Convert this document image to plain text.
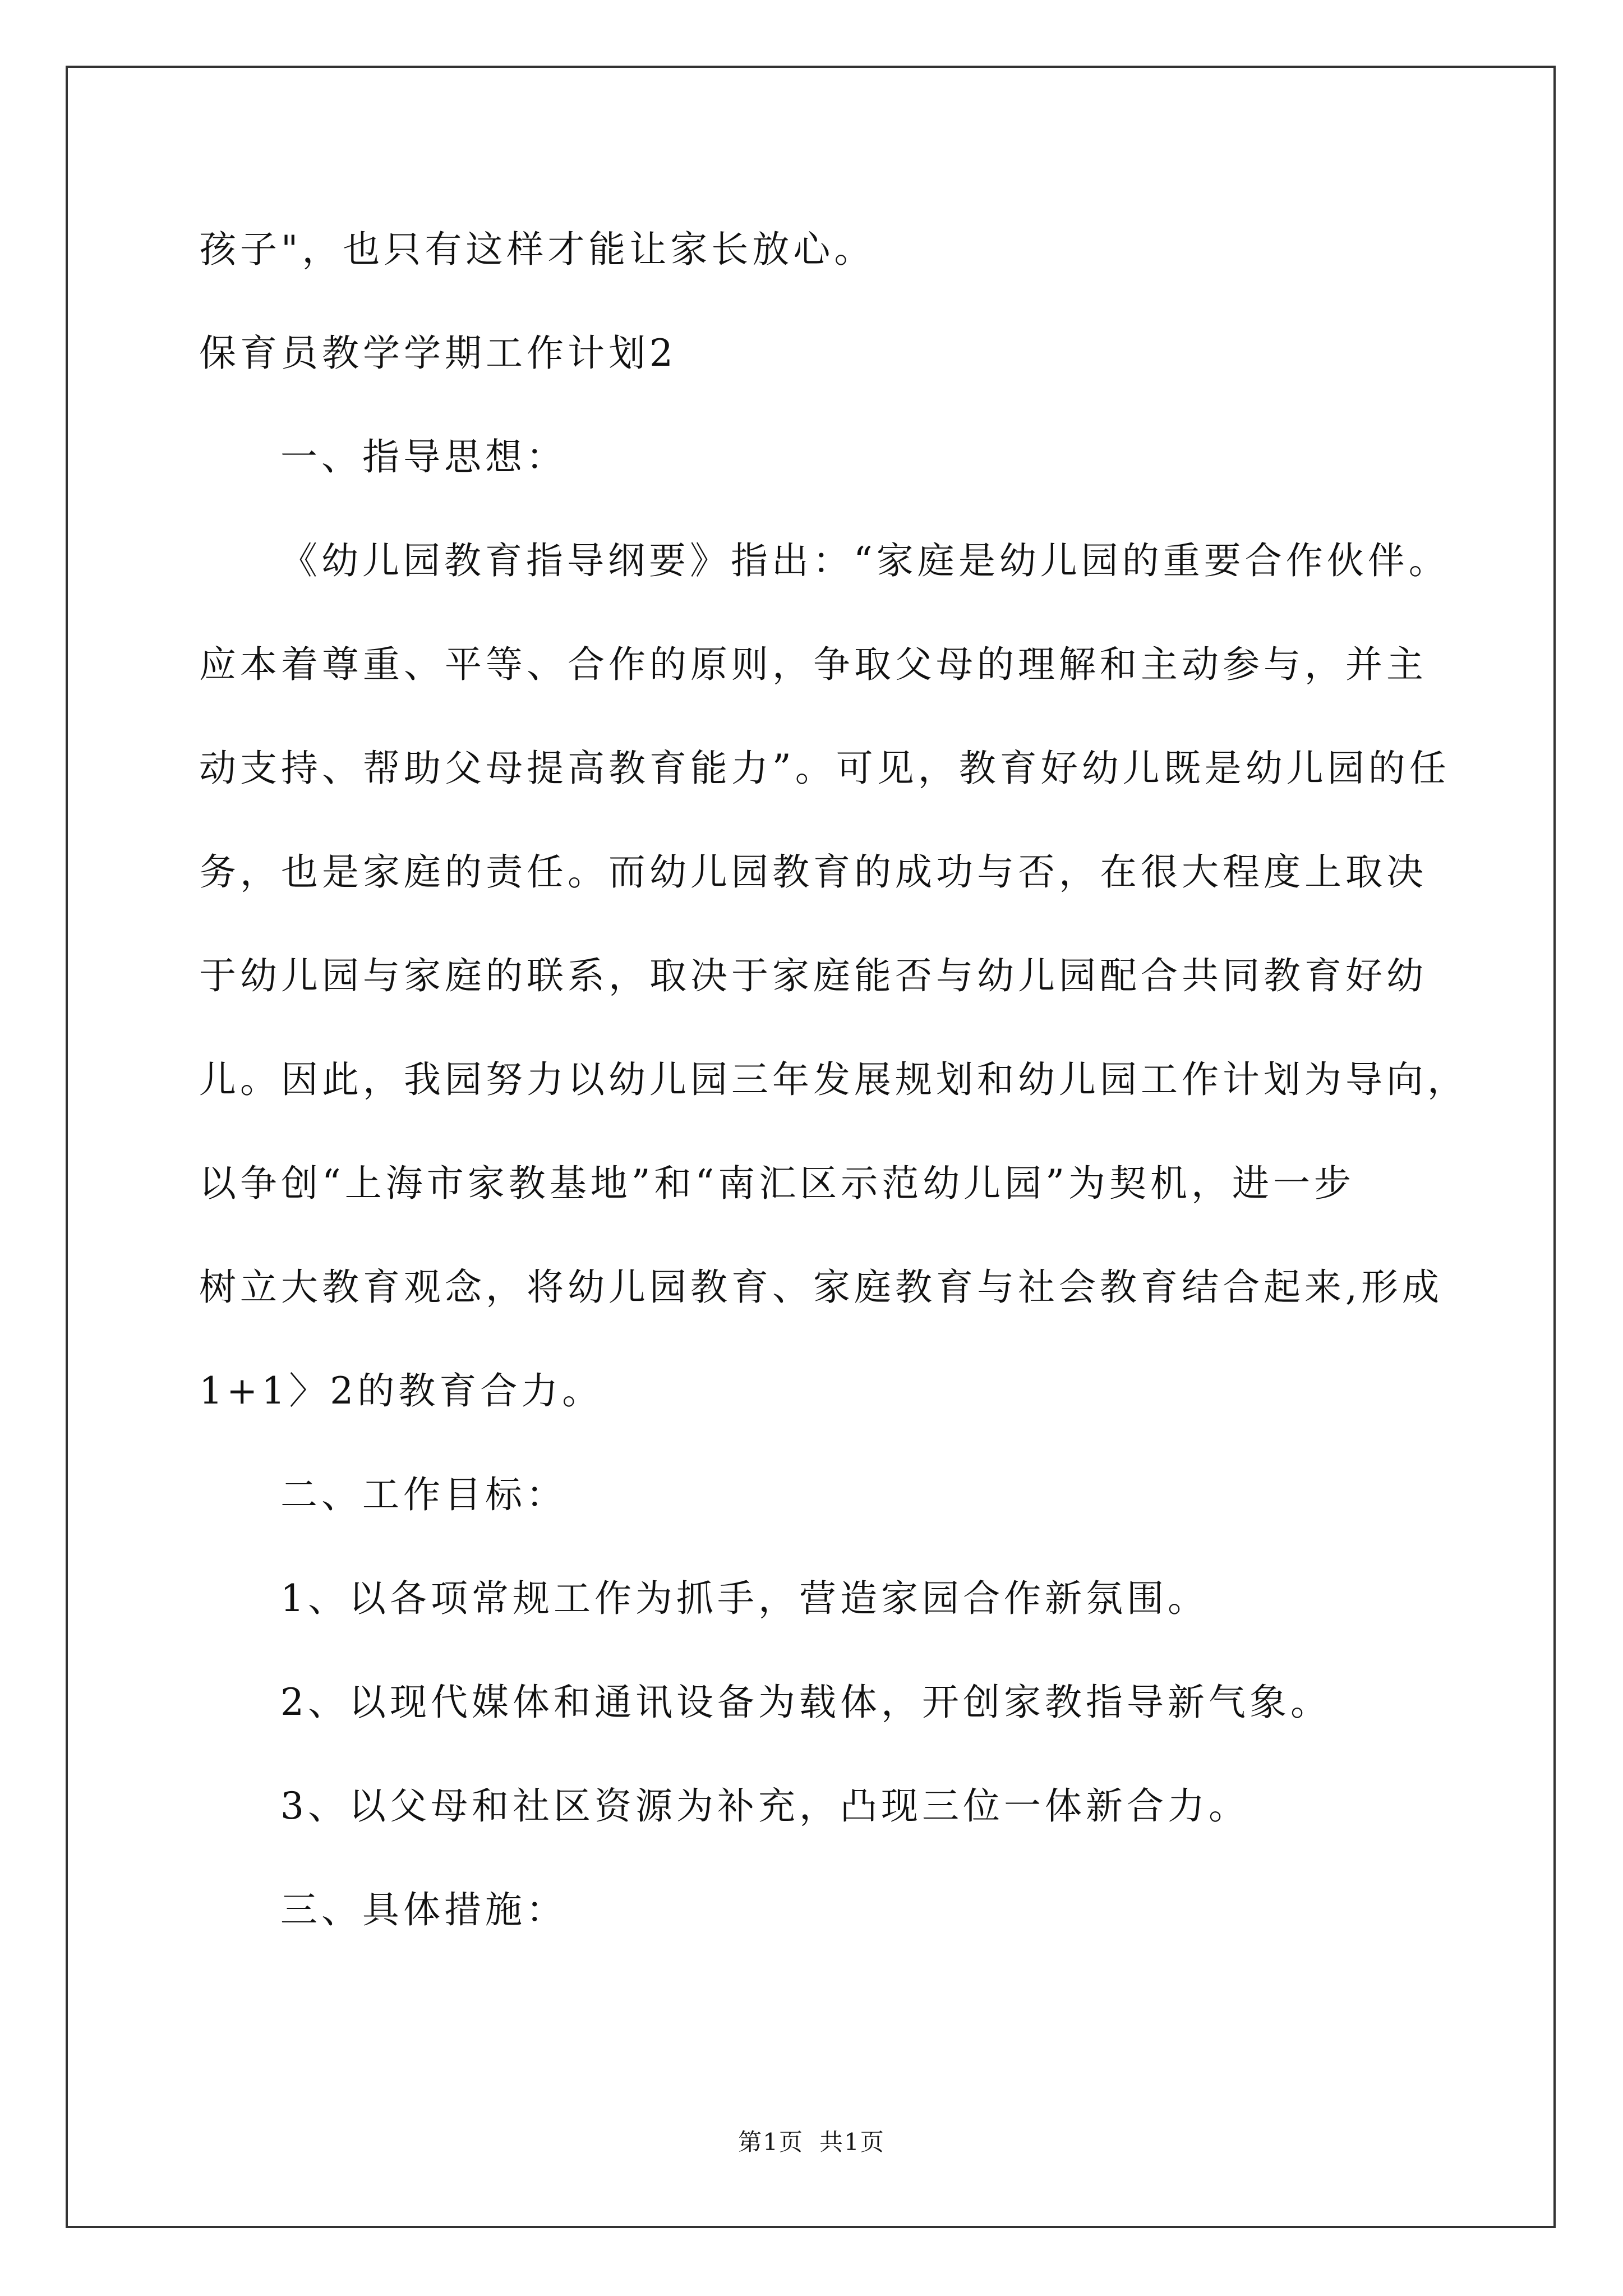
孩子"，也只有这样才能让家长放心。
保育员教学学期工作计划2
一、指导思想：
《幼儿园教育指导纲要》指出：“家庭是幼儿园的重要合作伙伴。
应本着尊重、平等、合作的原则，争取父母的理解和主动参与，并主
动支持、帮助父母提高教育能力”。可见，教育好幼儿既是幼儿园的任
务，也是家庭的责任。而幼儿园教育的成功与否，在很大程度上取决
于幼儿园与家庭的联系，取决于家庭能否与幼儿园配合共同教育好幼
儿。因此，我园努力以幼儿园三年发展规划和幼儿园工作计划为导向，
以争创“上海市家教基地”和“南汇区示范幼儿园”为契机，进一步
树立大教育观念，将幼儿园教育、家庭教育与社会教育结合起来,形成
1+1〉2的教育合力。
二、工作目标：
1、以各项常规工作为抓手，营造家园合作新氛围。
2、以现代媒体和通讯设备为载体，开创家教指导新气象。
3、以父母和社区资源为补充，凸现三位一体新合力。
三、具体措施：
第1页 共1页
